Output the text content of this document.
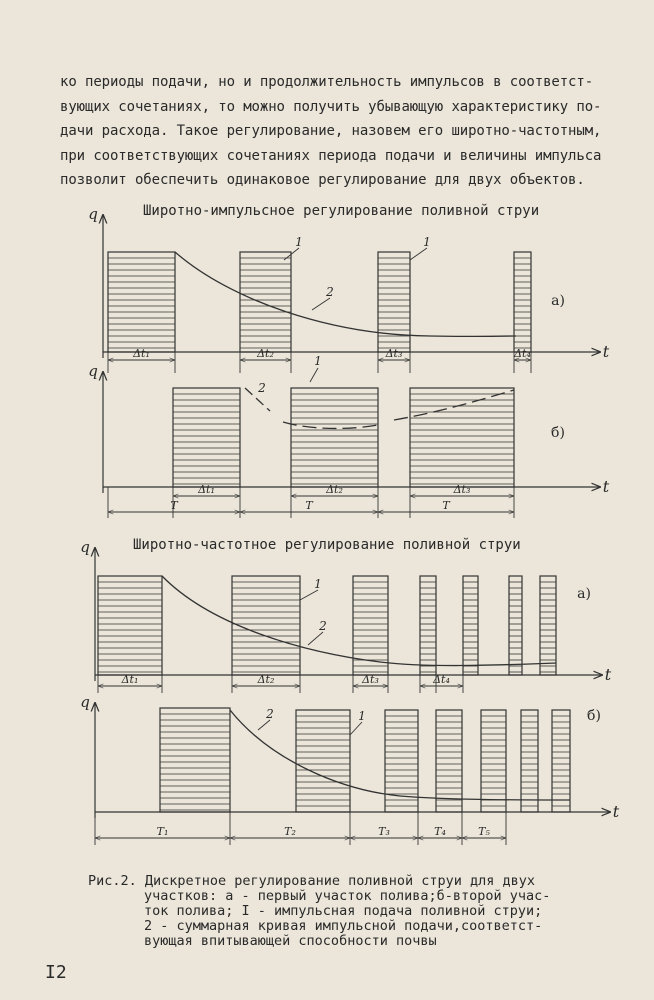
ко периоды подачи, но и продолжительность импульсов в соответст-
вующих сочетаниях, то можно получить убывающую характеристику по-
дачи расхода. Такое регулирование, назовем его широтно-частотным,
при соответствующих сочетаниях периода подачи и величины импульса
позволит обеспечить одинаковое регулирование для двух объектов.
Широтно-импульсное регулирование поливной струи
Широтно-частотное регулирование поливной струи
q
t
1	1
2
а)
Δt₁	Δt₂	Δt₃	Δt₄
q
t
2
1
б)
Δt₁	Δt₂	Δt₃
T	T	T
q
t
1
2
а)
Δt₁	Δt₂	Δt₃	Δt₄
q
t
2	1	б)
T₁	T₂	T₃	T₄	T₅
Рис.2. Дискретное регулирование поливной струи для двух
участков: а - первый участок полива;б-второй учас-
ток полива; I - импульсная подача поливной струи;
2 - суммарная кривая импульсной подачи,соответст-
вующая впитывающей способности почвы
I2
